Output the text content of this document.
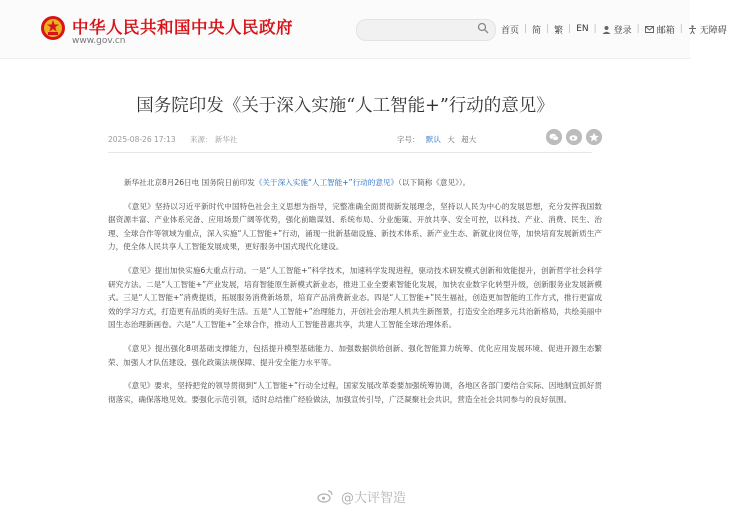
中华人民共和国中央人民政府
www.gov.cn
首页 | 简 | 繁 | EN |	登录 |	邮箱 |	无障碍
国务院印发《关于深入实施“人工智能+”行动的意见》
2025-08-26 17:13 来源： 新华社	字号： 默认 大 超大

新华社北京8月26日电 国务院日前印发《关于深入实施“人工智能+”行动的意见》（以下简称《意见》）。

《意见》坚持以习近平新时代中国特色社会主义思想为指导，完整准确全面贯彻新发展理念，坚持以人民为中心的发展思想，充分发挥我国数据资源丰富、产业体系完备、应用场景广阔等优势，强化前瞻谋划、系统布局、分业施策、开放共享、安全可控，以科技、产业、消费、民生、治理、全球合作等领域为重点，深入实施“人工智能+”行动，涌现一批新基础设施、新技术体系、新产业生态、新就业岗位等，加快培育发展新质生产力，使全体人民共享人工智能发展成果，更好服务中国式现代化建设。

《意见》提出加快实施6大重点行动。一是“人工智能+”科学技术，加速科学发现进程，驱动技术研发模式创新和效能提升，创新哲学社会科学研究方法。二是“人工智能+”产业发展，培育智能原生新模式新业态，推进工业全要素智能化发展，加快农业数字化转型升级，创新服务业发展新模式。三是“人工智能+”消费提质，拓展服务消费新场景，培育产品消费新业态。四是“人工智能+”民生福祉，创造更加智能的工作方式，推行更富成效的学习方式，打造更有品质的美好生活。五是“人工智能+”治理能力，开创社会治理人机共生新图景，打造安全治理多元共治新格局，共绘美丽中国生态治理新画卷。六是“人工智能+”全球合作，推动人工智能普惠共享，共建人工智能全球治理体系。

《意见》提出强化8项基础支撑能力，包括提升模型基础能力、加强数据供给创新、强化智能算力统筹、优化应用发展环境、促进开源生态繁荣、加强人才队伍建设、强化政策法规保障、提升安全能力水平等。

《意见》要求，坚持把党的领导贯彻到“人工智能+”行动全过程，国家发展改革委要加强统筹协调，各地区各部门要结合实际、因地制宜抓好贯彻落实，确保落地见效。要强化示范引领，适时总结推广经验做法，加强宣传引导，广泛凝聚社会共识，营造全社会共同参与的良好氛围。

@大评智造
